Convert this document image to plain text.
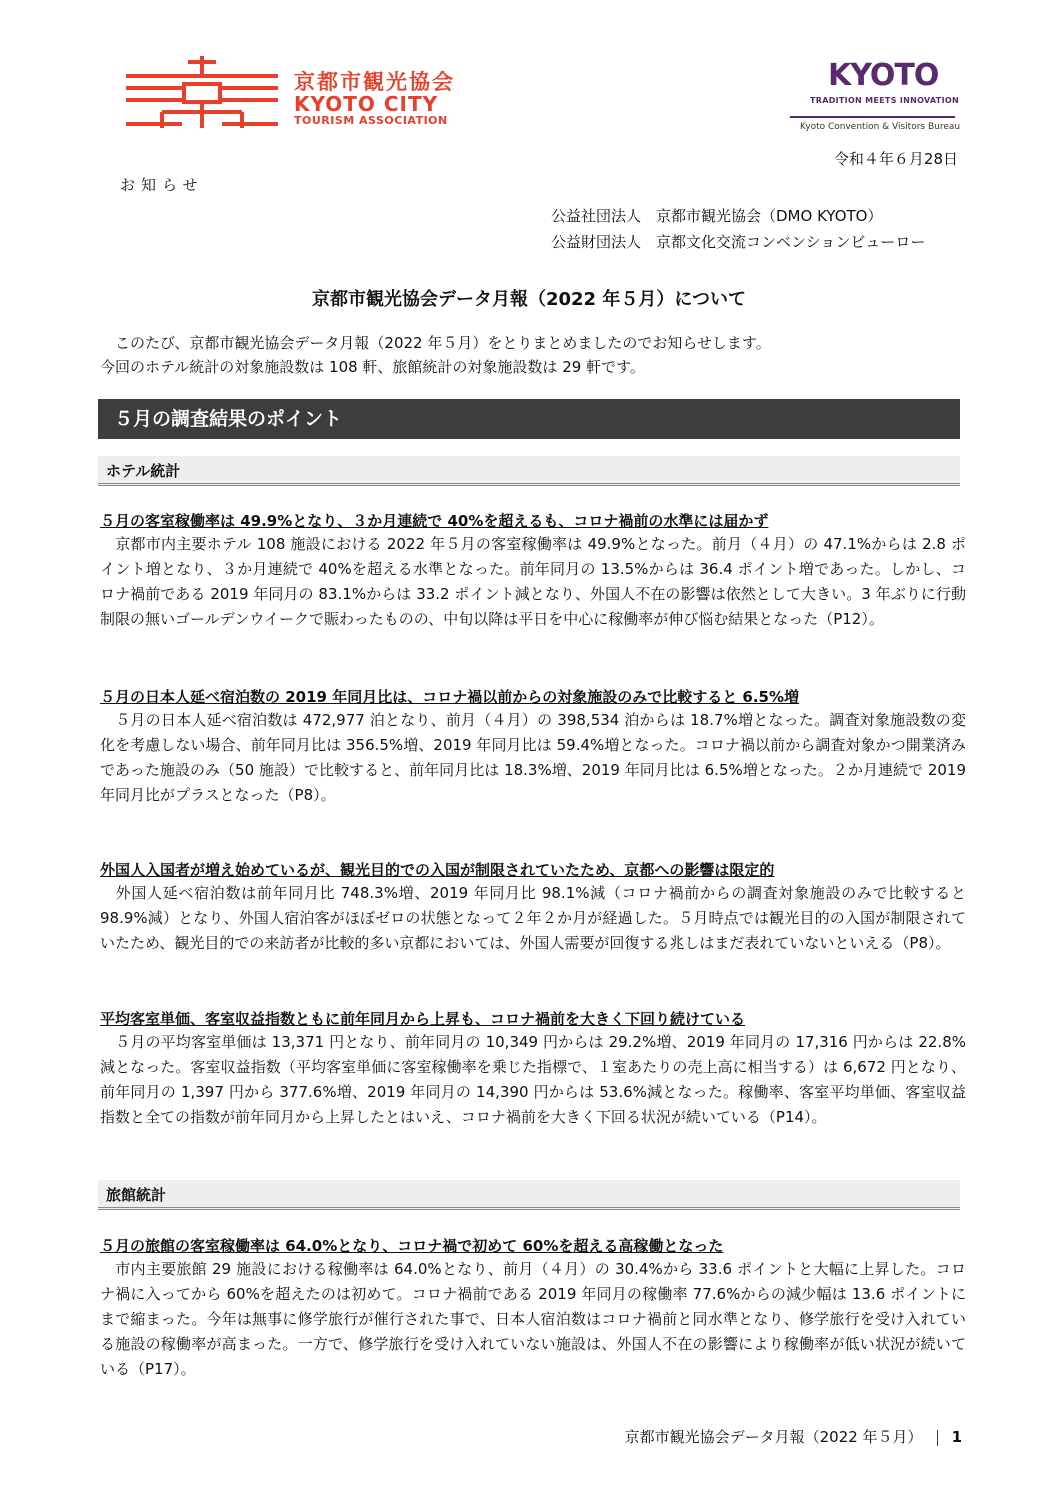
京都市観光協会
KYOTO CITY
TOURISM ASSOCIATION
KYOTO
TRADITION MEETS INNOVATION
Kyoto Convention & Visitors Bureau
令和４年６月28日
お知らせ
公益社団法人　京都市観光協会（DMO KYOTO）
公益財団法人　京都文化交流コンベンションビューロー
京都市観光協会データ月報（2022 年５月）について

　このたび、京都市観光協会データ月報（2022 年５月）をとりまとめましたのでお知らせします。

今回のホテル統計の対象施設数は 108 軒、旅館統計の対象施設数は 29 軒です。

５月の調査結果のポイント
ホテル統計
５月の客室稼働率は 49.9%となり、３か月連続で 40%を超えるも、コロナ禍前の水準には届かず

　京都市内主要ホテル 108 施設における 2022 年５月の客室稼働率は 49.9%となった。前月（４月）の 47.1%からは 2.8 ポイント増となり、３か月連続で 40%を超える水準となった。前年同月の 13.5%からは 36.4 ポイント増であった。しかし、コロナ禍前である 2019 年同月の 83.1%からは 33.2 ポイント減となり、外国人不在の影響は依然として大きい。3 年ぶりに行動制限の無いゴールデンウイークで賑わったものの、中旬以降は平日を中心に稼働率が伸び悩む結果となった（P12）。

５月の日本人延べ宿泊数の 2019 年同月比は、コロナ禍以前からの対象施設のみで比較すると 6.5%増

　５月の日本人延べ宿泊数は 472,977 泊となり、前月（４月）の 398,534 泊からは 18.7%増となった。調査対象施設数の変化を考慮しない場合、前年同月比は 356.5%増、2019 年同月比は 59.4%増となった。コロナ禍以前から調査対象かつ開業済みであった施設のみ（50 施設）で比較すると、前年同月比は 18.3%増、2019 年同月比は 6.5%増となった。２か月連続で 2019 年同月比がプラスとなった（P8）。

外国人入国者が増え始めているが、観光目的での入国が制限されていたため、京都への影響は限定的

　外国人延べ宿泊数は前年同月比 748.3%増、2019 年同月比 98.1%減（コロナ禍前からの調査対象施設のみで比較すると 98.9%減）となり、外国人宿泊客がほぼゼロの状態となって２年２か月が経過した。５月時点では観光目的の入国が制限されていたため、観光目的での来訪者が比較的多い京都においては、外国人需要が回復する兆しはまだ表れていないといえる（P8）。

平均客室単価、客室収益指数ともに前年同月から上昇も、コロナ禍前を大きく下回り続けている

　５月の平均客室単価は 13,371 円となり、前年同月の 10,349 円からは 29.2%増、2019 年同月の 17,316 円からは 22.8%減となった。客室収益指数（平均客室単価に客室稼働率を乗じた指標で、１室あたりの売上高に相当する）は 6,672 円となり、前年同月の 1,397 円から 377.6%増、2019 年同月の 14,390 円からは 53.6%減となった。稼働率、客室平均単価、客室収益指数と全ての指数が前年同月から上昇したとはいえ、コロナ禍前を大きく下回る状況が続いている（P14）。

旅館統計
５月の旅館の客室稼働率は 64.0%となり、コロナ禍で初めて 60%を超える高稼働となった

　市内主要旅館 29 施設における稼働率は 64.0%となり、前月（４月）の 30.4%から 33.6 ポイントと大幅に上昇した。コロナ禍に入ってから 60%を超えたのは初めて。コロナ禍前である 2019 年同月の稼働率 77.6%からの減少幅は 13.6 ポイントにまで縮まった。今年は無事に修学旅行が催行された事で、日本人宿泊数はコロナ禍前と同水準となり、修学旅行を受け入れている施設の稼働率が高まった。一方で、修学旅行を受け入れていない施設は、外国人不在の影響により稼働率が低い状況が続いている（P17）。

京都市観光協会データ月報（2022 年５月） 1
